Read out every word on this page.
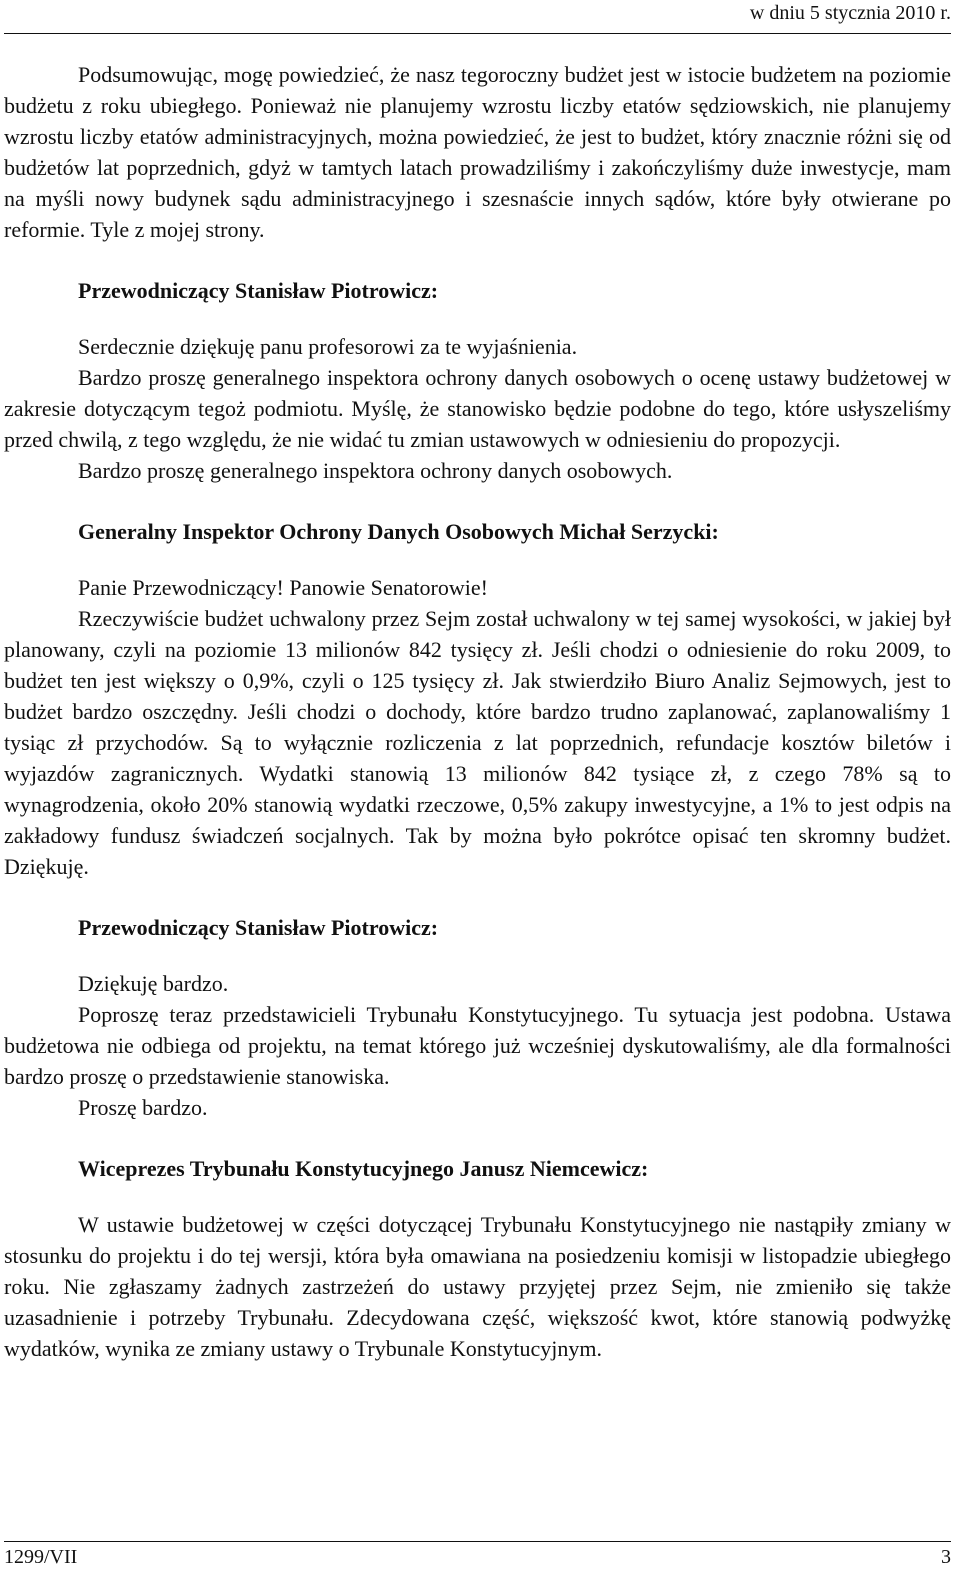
w dniu 5 stycznia 2010 r.

Podsumowując, mogę powiedzieć, że nasz tegoroczny budżet jest w istocie budżetem na poziomie budżetu z roku ubiegłego. Ponieważ nie planujemy wzrostu liczby etatów sędziowskich, nie planujemy wzrostu liczby etatów administracyjnych, można powiedzieć, że jest to budżet, który znacznie różni się od budżetów lat poprzednich, gdyż w tamtych latach prowadziliśmy i zakończyliśmy duże inwestycje, mam na myśli nowy budynek sądu administracyjnego i szesnaście innych sądów, które były otwierane po reformie. Tyle z mojej strony.

Przewodniczący Stanisław Piotrowicz:

Serdecznie dziękuję panu profesorowi za te wyjaśnienia.

Bardzo proszę generalnego inspektora ochrony danych osobowych o ocenę ustawy budżetowej w zakresie dotyczącym tegoż podmiotu. Myślę, że stanowisko będzie podobne do tego, które usłyszeliśmy przed chwilą, z tego względu, że nie widać tu zmian ustawowych w odniesieniu do propozycji.

Bardzo proszę generalnego inspektora ochrony danych osobowych.

Generalny Inspektor Ochrony Danych Osobowych Michał Serzycki:

Panie Przewodniczący! Panowie Senatorowie!

Rzeczywiście budżet uchwalony przez Sejm został uchwalony w tej samej wysokości, w jakiej był planowany, czyli na poziomie 13 milionów 842 tysięcy zł. Jeśli chodzi o odniesienie do roku 2009, to budżet ten jest większy o 0,9%, czyli o 125 tysięcy zł. Jak stwierdziło Biuro Analiz Sejmowych, jest to budżet bardzo oszczędny. Jeśli chodzi o dochody, które bardzo trudno zaplanować, zaplanowaliśmy 1 tysiąc zł przychodów. Są to wyłącznie rozliczenia z lat poprzednich, refundacje kosztów biletów i wyjazdów zagranicznych. Wydatki stanowią 13 milionów 842 tysiące zł, z czego 78% są to wynagrodzenia, około 20% stanowią wydatki rzeczowe, 0,5% zakupy inwestycyjne, a 1% to jest odpis na zakładowy fundusz świadczeń socjalnych. Tak by można było pokrótce opisać ten skromny budżet. Dziękuję.

Przewodniczący Stanisław Piotrowicz:

Dziękuję bardzo.

Poproszę teraz przedstawicieli Trybunału Konstytucyjnego. Tu sytuacja jest podobna. Ustawa budżetowa nie odbiega od projektu, na temat którego już wcześniej dyskutowaliśmy, ale dla formalności bardzo proszę o przedstawienie stanowiska.

Proszę bardzo.

Wiceprezes Trybunału Konstytucyjnego Janusz Niemcewicz:

W ustawie budżetowej w części dotyczącej Trybunału Konstytucyjnego nie nastąpiły zmiany w stosunku do projektu i do tej wersji, która była omawiana na posiedzeniu komisji w listopadzie ubiegłego roku. Nie zgłaszamy żadnych zastrzeżeń do ustawy przyjętej przez Sejm, nie zmieniło się także uzasadnienie i potrzeby Trybunału. Zdecydowana część, większość kwot, które stanowią podwyżkę wydatków, wynika ze zmiany ustawy o Trybunale Konstytucyjnym.

1299/VII	3
